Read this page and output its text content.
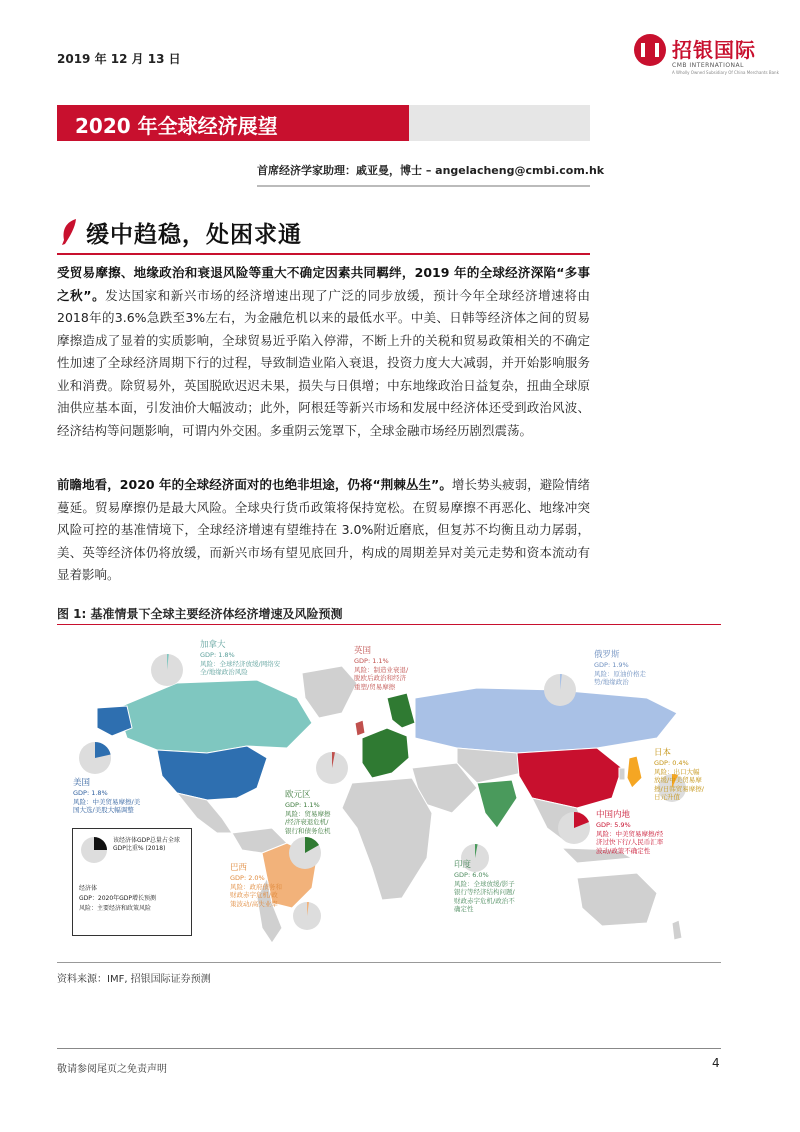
2019 年 12 月 13 日	招银国际
CMB INTERNATIONAL
A Wholly Owned Subsidiary Of China Merchants Bank
2020 年全球经济展望
首席经济学家助理：戚亚曼，博士 – angelacheng@cmbi.com.hk
缓中趋稳，处困求通
受贸易摩擦、地缘政治和衰退风险等重大不确定因素共同羁绊，2019 年的全球经济深陷“多事之秋”。发达国家和新兴市场的经济增速出现了广泛的同步放缓，预计今年全球经济增速将由2018年的3.6%急跌至3%左右，为金融危机以来的最低水平。中美、日韩等经济体之间的贸易摩擦造成了显着的实质影响，全球贸易近乎陷入停滞，不断上升的关税和贸易政策相关的不确定性加速了全球经济周期下行的过程，导致制造业陷入衰退，投资力度大大减弱，并开始影响服务业和消费。除贸易外，英国脱欧迟迟未果，损失与日俱增；中东地缘政治日益复杂，扭曲全球原油供应基本面，引发油价大幅波动；此外，阿根廷等新兴市场和发展中经济体还受到政治风波、经济结构等问题影响，可谓内外交困。多重阴云笼罩下，全球金融市场经历剧烈震荡。
前瞻地看，2020 年的全球经济面对的也绝非坦途，仍将“荆棘丛生”。增长势头疲弱，避险情绪蔓延。贸易摩擦仍是最大风险。全球央行货币政策将保持宽松。在贸易摩擦不再恶化、地缘冲突风险可控的基准情境下，全球经济增速有望维持在 3.0%附近磨底，但复苏不均衡且动力孱弱，美、英等经济体仍将放缓，而新兴市场有望见底回升，构成的周期差异对美元走势和资本流动有显着影响。
图 1: 基准情景下全球主要经济体经济增速及风险预测
加拿大
GDP: 1.8%
风险：全球经济放缓/网络安
全/地缘政治风险
英国
GDP: 1.1%
风险：制造业衰退/
脱欧后政治和经济
重塑/贸易摩擦
俄罗斯
GDP: 1.9%
风险：原油价格走
势/地缘政治
日本
GDP: 0.4%
风险：出口大幅
放缓/中美贸易摩
擦/日韩贸易摩擦/
日元升值
美国
GDP: 1.8%
风险：中美贸易摩擦/美
国大选/美股大幅调整
欧元区
GDP: 1.1%
风险：贸易摩擦
/经济衰退危机/
银行和债务危机
中国内地
GDP: 5.9%
风险：中美贸易摩擦/经
济过快下行/人民币汇率
波动/政策不确定性
巴西
GDP: 2.0%
风险：政府债务和
财政赤字危机/政
策波动/高失业率
印度
GDP: 6.0%
风险：全球放缓/影子
银行等经济结构问题/
财政赤字危机/政治不
确定性
该经济体GDP总量占全球GDP比重% (2018)
经济体
GDP：2020年GDP增长预测
风险：主要经济和政策风险
资料来源：IMF, 招银国际证券预测
敬请参阅尾页之免责声明	4
